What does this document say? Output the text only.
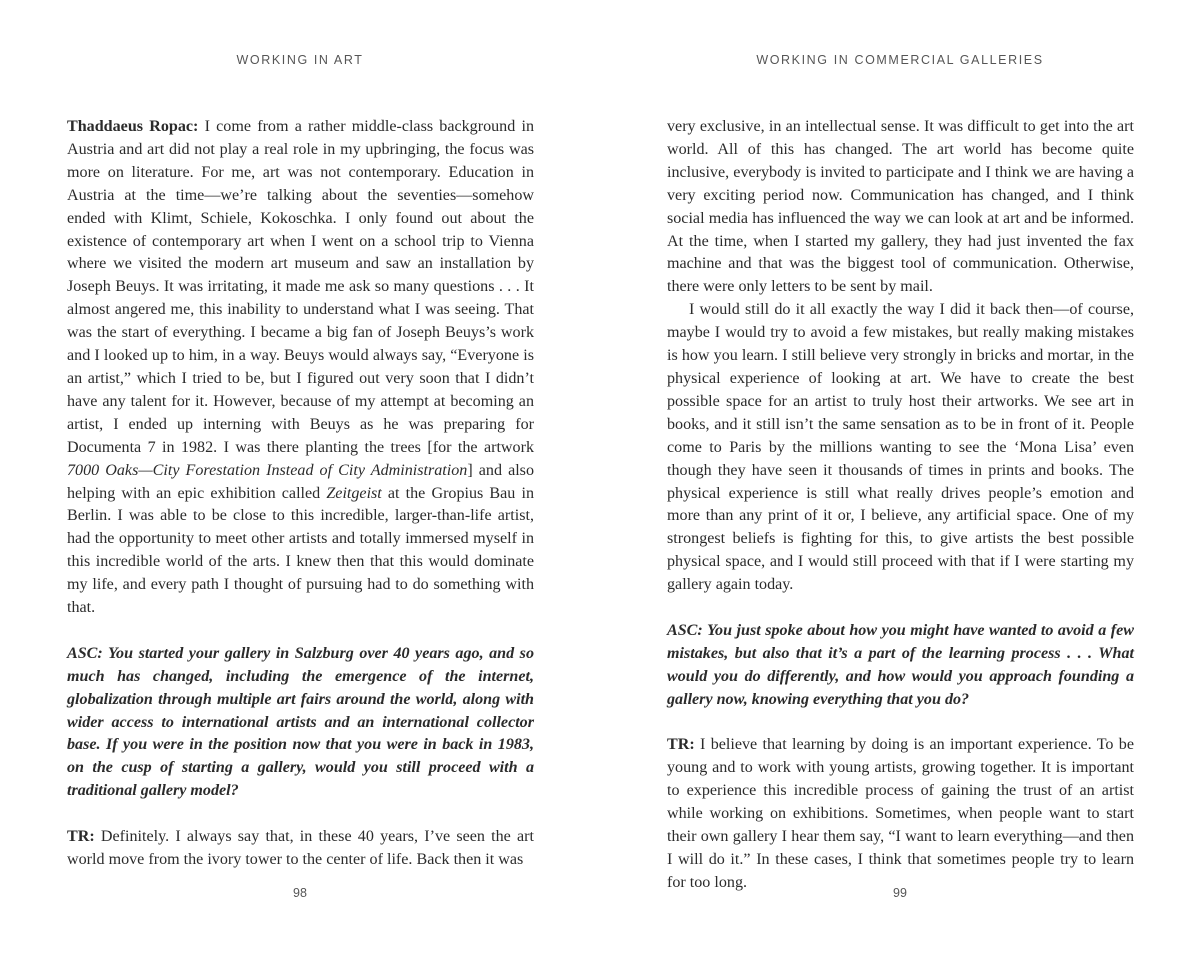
WORKING IN ART

Thaddaeus Ropac: I come from a rather middle-class background in Austria and art did not play a real role in my upbringing, the focus was more on literature. For me, art was not contemporary. Education in Austria at the time—we’re talking about the seventies—somehow ended with Klimt, Schiele, Kokoschka. I only found out about the existence of contemporary art when I went on a school trip to Vienna where we visited the modern art museum and saw an installation by Joseph Beuys. It was irritating, it made me ask so many questions . . . It almost angered me, this inability to understand what I was seeing. That was the start of everything. I became a big fan of Joseph Beuys’s work and I looked up to him, in a way. Beuys would always say, “Everyone is an artist,” which I tried to be, but I figured out very soon that I didn’t have any talent for it. However, because of my attempt at becoming an artist, I ended up interning with Beuys as he was preparing for Documenta 7 in 1982. I was there planting the trees [for the artwork 7000 Oaks—City Forestation Instead of City Administration] and also helping with an epic exhibition called Zeitgeist at the Gropius Bau in Berlin. I was able to be close to this incredible, larger-than-life artist, had the opportunity to meet other artists and totally immersed myself in this incredible world of the arts. I knew then that this would dominate my life, and every path I thought of pursuing had to do something with that.

ASC: You started your gallery in Salzburg over 40 years ago, and so much has changed, including the emergence of the internet, globalization through multiple art fairs around the world, along with wider access to international artists and an international collector base. If you were in the position now that you were in back in 1983, on the cusp of starting a gallery, would you still proceed with a traditional gallery model?

TR: Definitely. I always say that, in these 40 years, I’ve seen the art world move from the ivory tower to the center of life. Back then it was

98
WORKING IN COMMERCIAL GALLERIES

very exclusive, in an intellectual sense. It was difficult to get into the art world. All of this has changed. The art world has become quite inclusive, everybody is invited to participate and I think we are having a very exciting period now. Communication has changed, and I think social media has influenced the way we can look at art and be informed. At the time, when I started my gallery, they had just invented the fax machine and that was the biggest tool of communication. Otherwise, there were only letters to be sent by mail.

I would still do it all exactly the way I did it back then—of course, maybe I would try to avoid a few mistakes, but really making mistakes is how you learn. I still believe very strongly in bricks and mortar, in the physical experience of looking at art. We have to create the best possible space for an artist to truly host their artworks. We see art in books, and it still isn’t the same sensation as to be in front of it. People come to Paris by the millions wanting to see the ‘Mona Lisa’ even though they have seen it thousands of times in prints and books. The physical experience is still what really drives people’s emotion and more than any print of it or, I believe, any artificial space. One of my strongest beliefs is fighting for this, to give artists the best possible physical space, and I would still proceed with that if I were starting my gallery again today.

ASC: You just spoke about how you might have wanted to avoid a few mistakes, but also that it’s a part of the learning process . . . What would you do differently, and how would you approach founding a gallery now, knowing everything that you do?

TR: I believe that learning by doing is an important experience. To be young and to work with young artists, growing together. It is important to experience this incredible process of gaining the trust of an artist while working on exhibitions. Sometimes, when people want to start their own gallery I hear them say, “I want to learn everything—and then I will do it.” In these cases, I think that sometimes people try to learn for too long.

99
